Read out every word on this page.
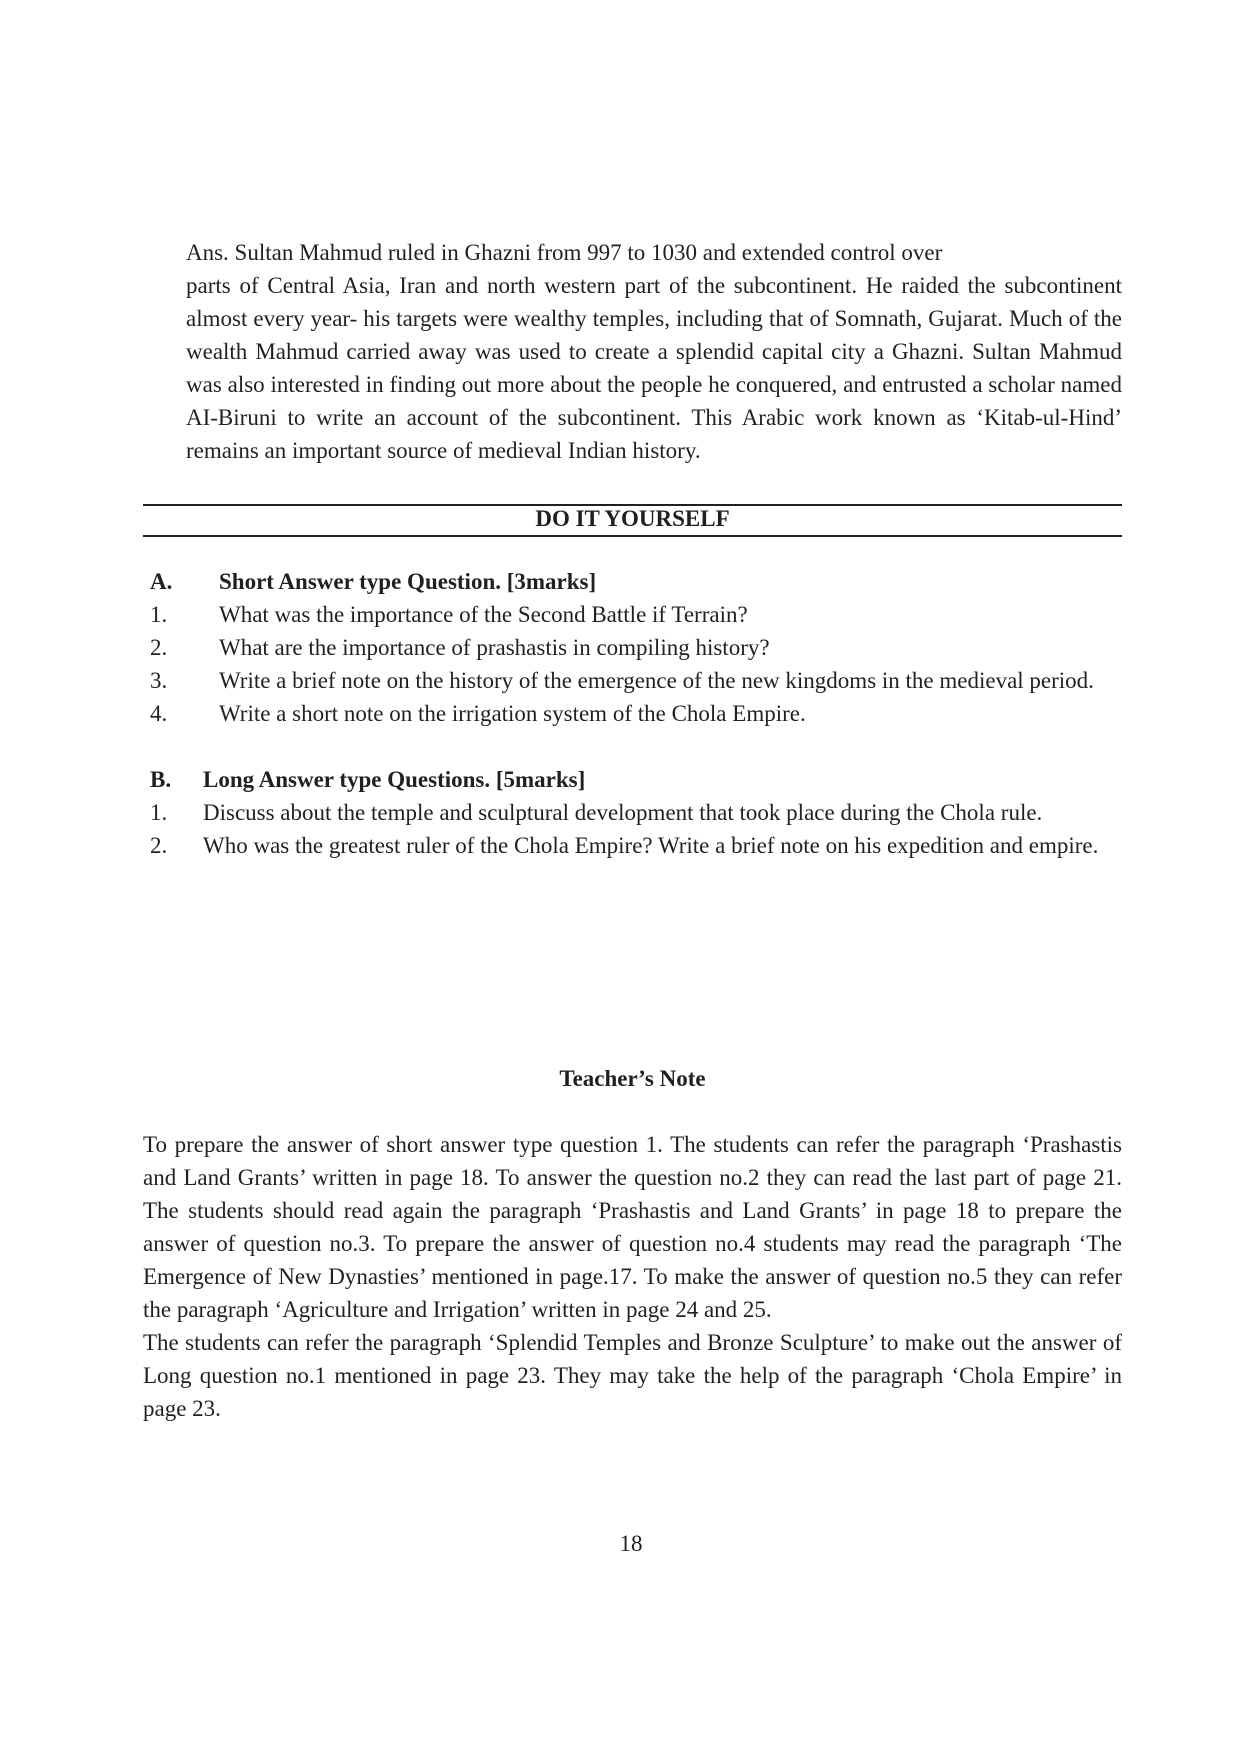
Ans. Sultan Mahmud ruled in Ghazni from 997 to 1030 and extended control over
parts of Central Asia, Iran and north western part of the subcontinent. He raided the subcontinent almost every year- his targets were wealthy temples, including that of Somnath, Gujarat. Much of the wealth Mahmud carried away was used to create a splendid capital city a Ghazni. Sultan Mahmud was also interested in finding out more about the people he conquered, and entrusted a scholar named AI-Biruni to write an account of the subcontinent. This Arabic work known as ‘Kitab-ul-Hind’ remains an important source of medieval Indian history.
DO IT YOURSELF
A.	Short Answer type Question. [3marks]
1.	What was the importance of the Second Battle if Terrain?
2.	What are the importance of prashastis in compiling history?
3.	Write a brief note on the history of the emergence of the new kingdoms in the medieval period.
4.	Write a short note on the irrigation system of the Chola Empire.
B.	Long Answer type Questions. [5marks]
1.	Discuss about the temple and sculptural development that took place during the Chola rule.
2. Who was the greatest ruler of the Chola Empire? Write a brief note on his expedition and empire.
Teacher’s Note

To prepare the answer of short answer type question 1. The students can refer the paragraph ‘Prashastis and Land Grants’ written in page 18. To answer the question no.2 they can read the last part of page 21. The students should read again the paragraph ‘Prashastis and Land Grants’ in page 18 to prepare the answer of question no.3. To prepare the answer of question no.4 students may read the paragraph ‘The Emergence of New Dynasties’ mentioned in page.17. To make the answer of question no.5 they can refer the paragraph ‘Agriculture and Irrigation’ written in page 24 and 25.

The students can refer the paragraph ‘Splendid Temples and Bronze Sculpture’ to make out the answer of Long question no.1 mentioned in page 23. They may take the help of the paragraph ‘Chola Empire’ in page 23.

18
